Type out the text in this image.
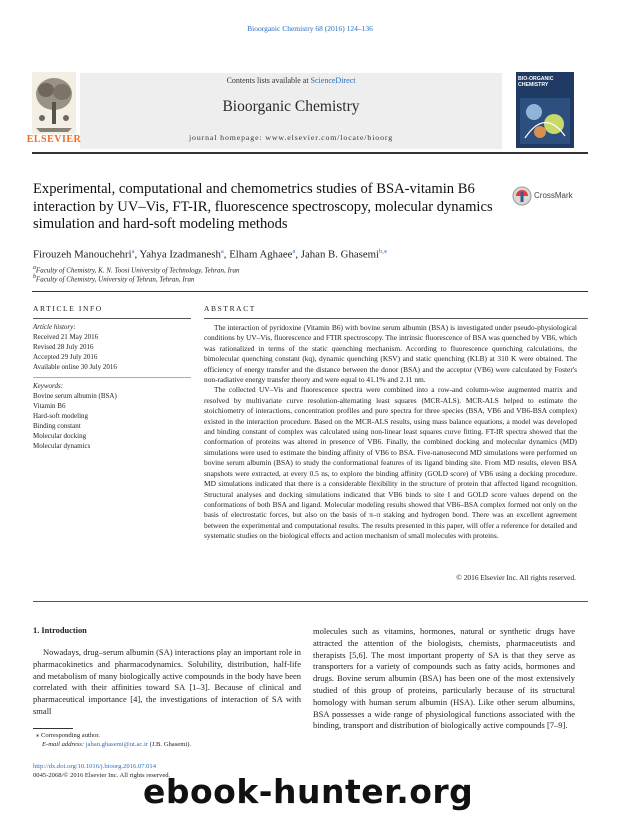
Bioorganic Chemistry 68 (2016) 124–136
Contents lists available at ScienceDirect
Bioorganic Chemistry
journal homepage: www.elsevier.com/locate/bioorg
ELSEVIER
BIO-ORGANIC
CHEMISTRY
Experimental, computational and chemometrics studies of BSA-vitamin B6 interaction by UV–Vis, FT-IR, fluorescence spectroscopy, molecular dynamics simulation and hard-soft modeling methods
CrossMark
Firouzeh Manouchehri$^a$, Yahya Izadmanesh$^a$, Elham Aghaee$^a$, Jahan B. Ghasemi$^{b,⁎}$
$^a$Faculty of Chemistry, K. N. Toosi University of Technology, Tehran, Iran
$^b$Faculty of Chemistry, University of Tehran, Tehran, Iran
ARTICLE INFO
Article history:
Received 21 May 2016
Revised 28 July 2016
Accepted 29 July 2016
Available online 30 July 2016
Keywords:
Bovine serum albumin (BSA)
Vitamin B6
Hard-soft modeling
Binding constant
Molecular docking
Molecular dynamics
ABSTRACT

The interaction of pyridoxine (Vitamin B6) with bovine serum albumin (BSA) is investigated under pseudo-physiological conditions by UV–Vis, fluorescence and FTIR spectroscopy. The intrinsic fluorescence of BSA was quenched by VB6, which was rationalized in terms of the static quenching mechanism. According to fluorescence quenching calculations, the bimolecular quenching constant (kq), dynamic quenching (KSV) and static quenching (KLB) at 310 K were obtained. The efficiency of energy transfer and the distance between the donor (BSA) and the acceptor (VB6) were calculated by Foster's non-radiative energy transfer theory and were equal to 41.1% and 2.11 nm.

The collected UV–Vis and fluorescence spectra were combined into a row-and column-wise augmented matrix and resolved by multivariate curve resolution-alternating least squares (MCR-ALS). MCR-ALS helped to estimate the stoichiometry of interactions, concentration profiles and pure spectra for three species (BSA, VB6 and VB6-BSA complex) existed in the interaction procedure. Based on the MCR-ALS results, using mass balance equations, a model was developed and binding constant of complex was calculated using non-linear least squares curve fitting. FT-IR spectra showed that the conformation of proteins was altered in presence of VB6. Finally, the combined docking and molecular dynamics (MD) simulations were used to estimate the binding affinity of VB6 to BSA. Five-nanosecond MD simulations were performed on bovine serum albumin (BSA) to study the conformational features of its ligand binding site. From MD results, eleven BSA snapshots were extracted, at every 0.5 ns, to explore the binding affinity (GOLD score) of VB6 using a docking procedure. MD simulations indicated that there is a considerable flexibility in the structure of protein that affected ligand recognition. Structural analyses and docking simulations indicated that VB6 binds to site I and GOLD score values depend on the conformations of both BSA and ligand. Molecular modeling results showed that VB6–BSA complex formed not only on the basis of electrostatic forces, but also on the basis of π–π staking and hydrogen bond. There was an excellent agreement between the experimental and computational results. The results presented in this paper, will offer a reference for detailed and systematic studies on the biological effects and action mechanism of small molecules with proteins.

© 2016 Elsevier Inc. All rights reserved.
1. Introduction

Nowadays, drug–serum albumin (SA) interactions play an important role in pharmacokinetics and pharmacodynamics. Solubility, distribution, half-life and metabolism of many biologically active compounds in the body have been correlated with their affinities toward SA [1–3]. Because of clinical and pharmaceutical importance [4], the investigations of interaction of SA with small

molecules such as vitamins, hormones, natural or synthetic drugs have attracted the attention of the biologists, chemists, pharmaceutists and therapists [5,6]. The most important property of SA is that they serve as transporters for a variety of compounds such as fatty acids, hormones and drugs. Bovine serum albumin (BSA) has been one of the most extensively studied of this group of proteins, particularly because of its structural homology with human serum albumin (HSA). Like other serum albumins, BSA possesses a wide range of physiological functions associated with the binding, transport and distribution of biologically active compounds [7–9].

⁎ Corresponding author.
E-mail address: jahan.ghasemi@ut.ac.ir (J.B. Ghasemi).
http://dx.doi.org/10.1016/j.bioorg.2016.07.014
0045-2068/© 2016 Elsevier Inc. All rights reserved.
ebook-hunter.org
